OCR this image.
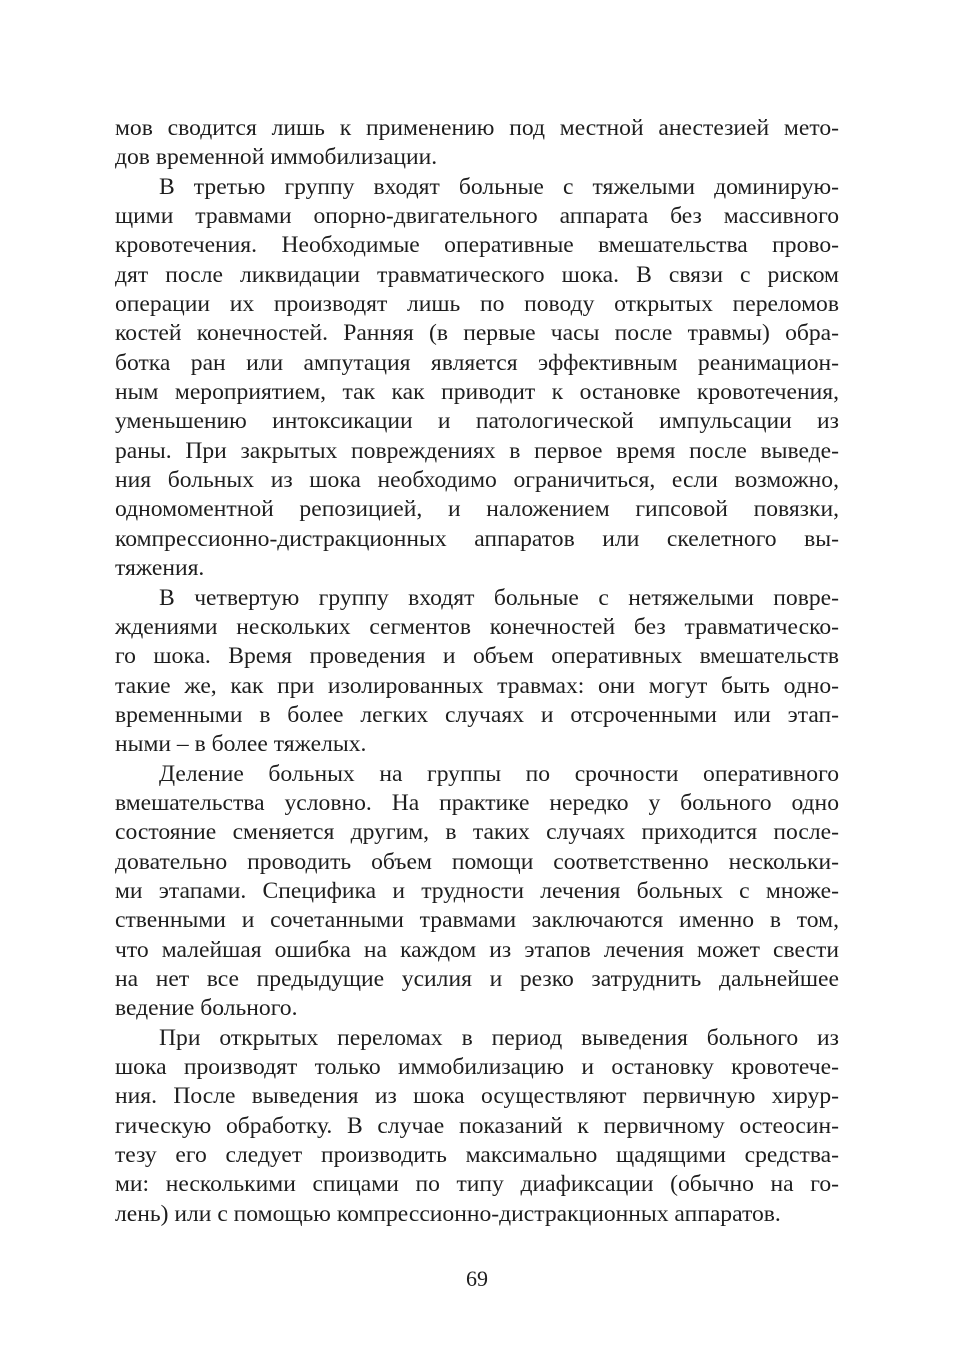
мов сводится лишь к применению под местной анестезией мето-
дов временной иммобилизации.
В третью группу входят больные с тяжелыми доминирую-
щими травмами опорно-двигательного аппарата без массивного
кровотечения. Необходимые оперативные вмешательства прово-
дят после ликвидации травматического шока. В связи с риском
операции их производят лишь по поводу открытых переломов
костей конечностей. Ранняя (в первые часы после травмы) обра-
ботка ран или ампутация является эффективным реанимацион-
ным мероприятием, так как приводит к остановке кровотечения,
уменьшению интоксикации и патологической импульсации из
раны. При закрытых повреждениях в первое время после выведе-
ния больных из шока необходимо ограничиться, если возможно,
одномоментной репозицией, и наложением гипсовой повязки,
компрессионно-дистракционных аппаратов или скелетного вы-
тяжения.
В четвертую группу входят больные с нетяжелыми повре-
ждениями нескольких сегментов конечностей без травматическо-
го шока. Время проведения и объем оперативных вмешательств
такие же, как при изолированных травмах: они могут быть одно-
временными в более легких случаях и отсроченными или этап-
ными – в более тяжелых.
Деление больных на группы по срочности оперативного
вмешательства условно. На практике нередко у больного одно
состояние сменяется другим, в таких случаях приходится после-
довательно проводить объем помощи соответственно нескольки-
ми этапами. Специфика и трудности лечения больных с множе-
ственными и сочетанными травмами заключаются именно в том,
что малейшая ошибка на каждом из этапов лечения может свести
на нет все предыдущие усилия и резко затруднить дальнейшее
ведение больного.
При открытых переломах в период выведения больного из
шока производят только иммобилизацию и остановку кровотече-
ния. После выведения из шока осуществляют первичную хирур-
гическую обработку. В случае показаний к первичному остеосин-
тезу его следует производить максимально щадящими средства-
ми: несколькими спицами по типу диафиксации (обычно на го-
лень) или с помощью компрессионно-дистракционных аппаратов.
69
